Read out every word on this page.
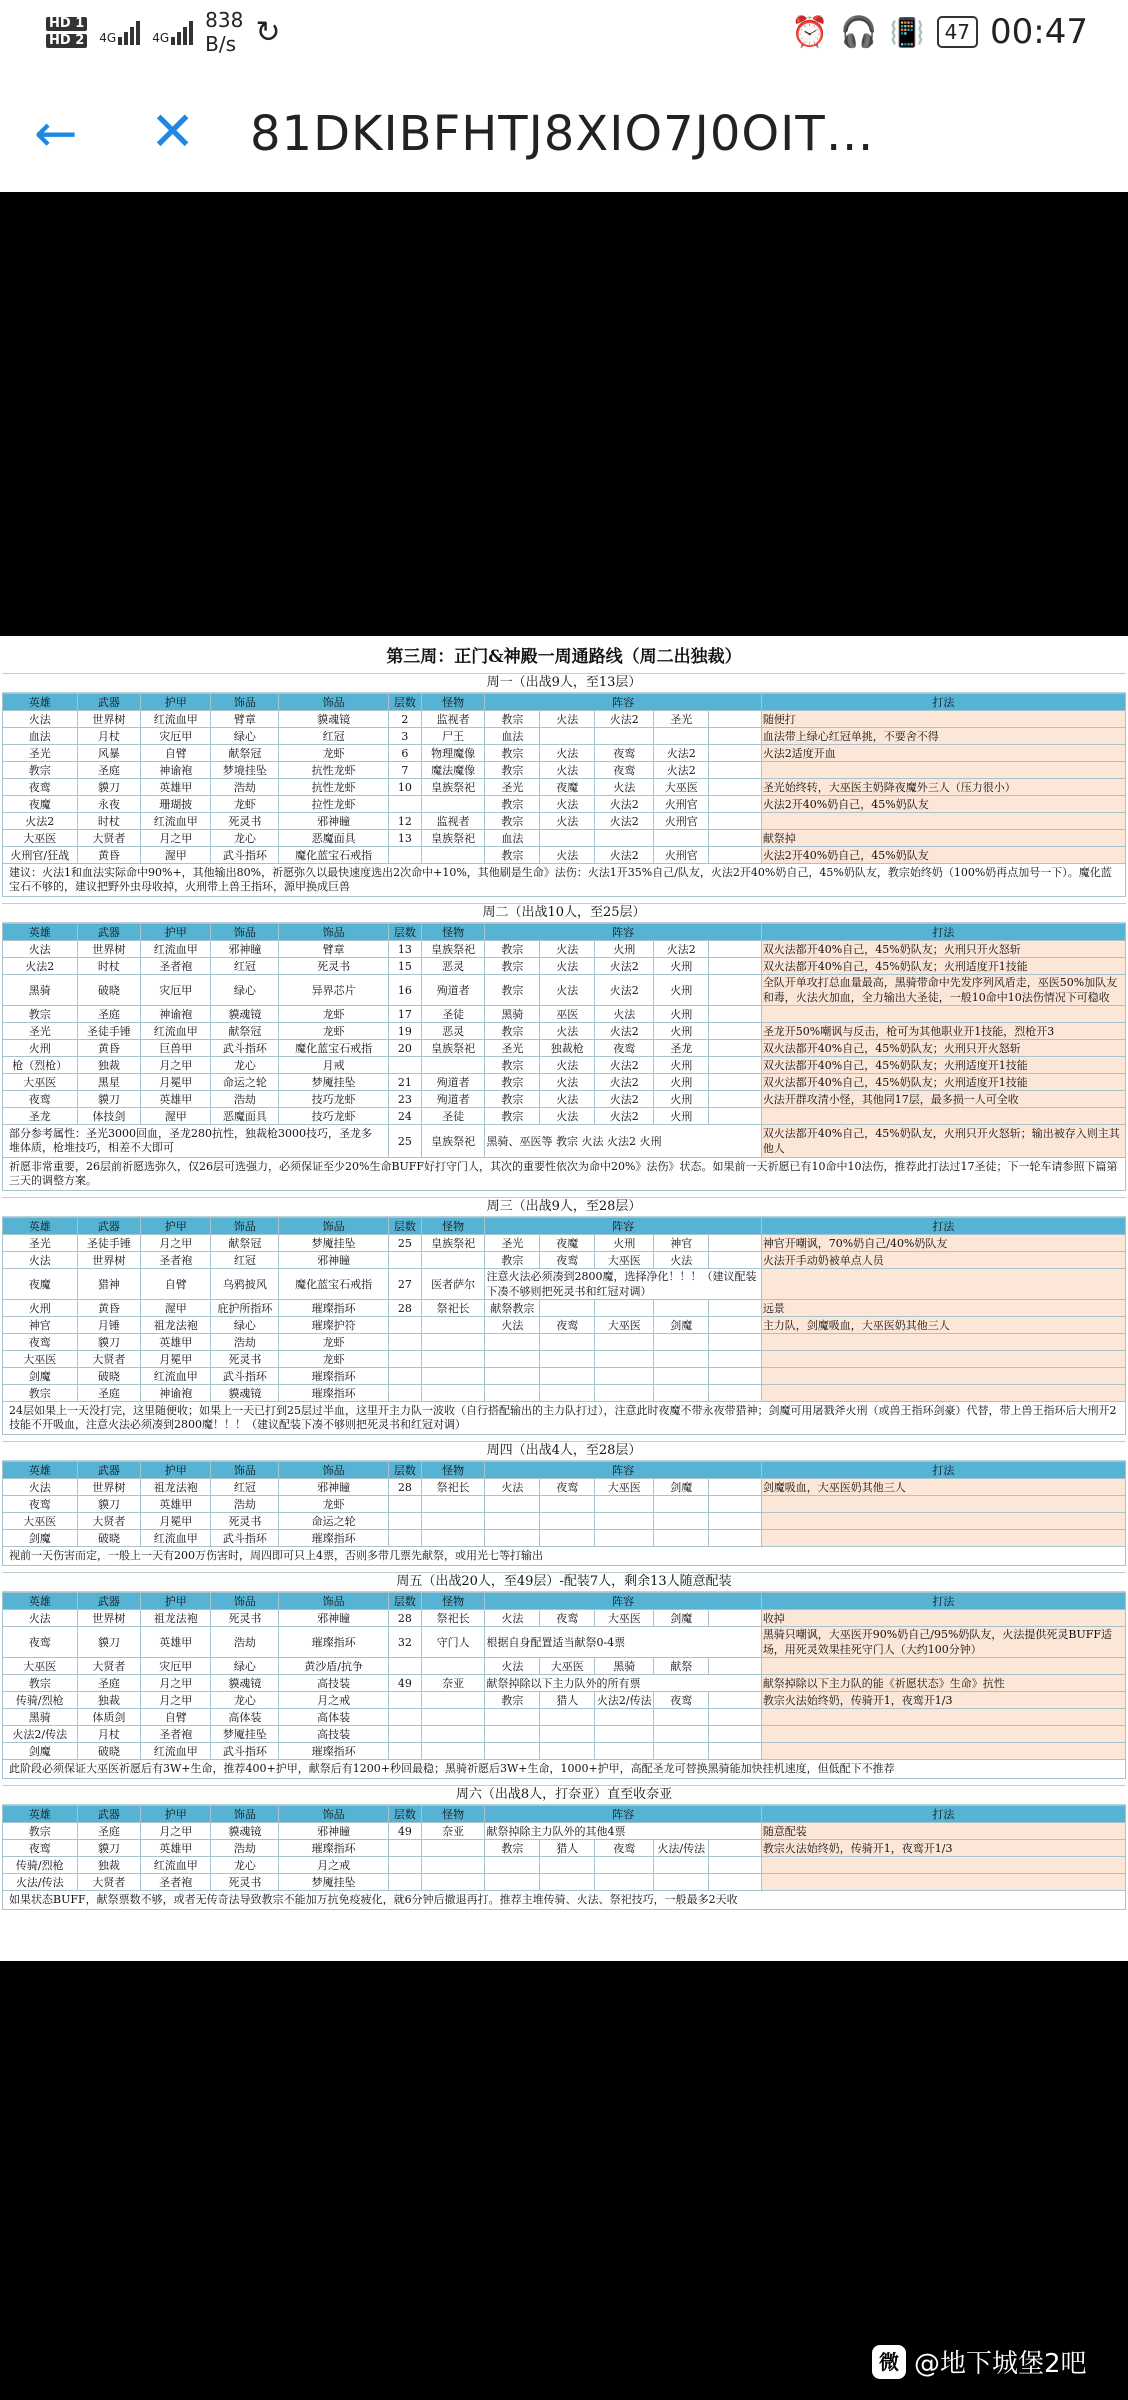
HD 1
HD 2 4G	4G
838
B/s ↻	⏰ 🎧 📳	47 00:47
← ✕ 81DKIBFHTJ8XIO7J0OIT…
第三周：正门&神殿一周通路线（周二出独裁）
周一（出战9人，至13层）
英雄	武器	护甲	饰品	饰品	层数	怪物	阵容					打法
火法	世界树	红流血甲	臂章	貘魂镜	2	监视者	教宗	火法	火法2	圣光		随便打
血法	月杖	灾厄甲	绿心	红冠	3	尸王	血法					血法带上绿心红冠单挑，不要舍不得
圣光	风暴	自臂	献祭冠	龙虾	6	物理魔像	教宗	火法	夜鸾	火法2		火法2适度开血
教宗	圣庭	神谕袍	梦境挂坠	抗性龙虾	7	魔法魔像	教宗	火法	夜鸾	火法2		
夜鸾	貘刀	英雄甲	浩劫	抗性龙虾	10	皇族祭祀	圣光	夜魔	火法	大巫医		圣光始终转，大巫医主奶降夜魔外三人（压力很小）
夜魔	永夜	珊瑚披	龙虾	拉性龙虾			教宗	火法	火法2	火刑官		火法2开40%奶自己，45%奶队友
火法2	时杖	红流血甲	死灵书	邪神瞳	12	监视者	教宗	火法	火法2	火刑官		
大巫医	大贤者	月之甲	龙心	恶魔面具	13	皇族祭祀	血法					献祭掉
火刑官/狂战	黄昏	渥甲	武斗指环	魔化蓝宝石戒指			教宗	火法	火法2	火刑官		火法2开40%奶自己，45%奶队友
建议：火法1和血法实际命中90%+，其他输出80%，祈愿弥久以最快速度选出2次命中+10%，其他刷是生命》法伤：火法1开35%自己/队友，火法2开40%奶自己，45%奶队友，教宗始终奶（100%奶再点加号一下）。魔化蓝宝石不够的，建议把野外虫母收掉，火刑带上兽王指环，源甲换成巨兽												
周二（出战10人，至25层）
英雄	武器	护甲	饰品	饰品	层数	怪物	阵容					打法
火法	世界树	红流血甲	邪神瞳	臂章	13	皇族祭祀	教宗	火法	火刑	火法2		双火法都开40%自己，45%奶队友；火刑只开火怒斩
火法2	时杖	圣者袍	红冠	死灵书	15	恶灵	教宗	火法	火法2	火刑		双火法都开40%自己，45%奶队友；火刑适度开1技能
黑骑	破晓	灾厄甲	绿心	异界芯片	16	殉道者	教宗	火法	火法2	火刑		全队开单攻打总血量最高，黑骑带命中先发序列风盾走，巫医50%加队友和毒，火法火加血，全力输出大圣徒，一般10命中10法伤情况下可稳收
教宗	圣庭	神谕袍	貘魂镜	龙虾	17	圣徒	黑骑	巫医	火法	火刑		
圣光	圣徒手锤	红流血甲	献祭冠	龙虾	19	恶灵	教宗	火法	火法2	火刑		圣龙开50%嘲讽与反击，枪可为其他职业开1技能，烈枪开3
火刑	黄昏	巨兽甲	武斗指环	魔化蓝宝石戒指	20	皇族祭祀	圣光	独裁枪	夜鸾	圣龙		双火法都开40%自己，45%奶队友；火刑只开火怒斩
枪（烈枪）	独裁	月之甲	龙心	月戒			教宗	火法	火法2	火刑		双火法都开40%自己，45%奶队友；火刑适度开1技能
大巫医	黑星	月冕甲	命运之轮	梦魇挂坠	21	殉道者	教宗	火法	火法2	火刑		双火法都开40%自己，45%奶队友；火刑适度开1技能
夜鸾	貘刀	英雄甲	浩劫	技巧龙虾	23	殉道者	教宗	火法	火法2	火刑		火法开群攻清小怪，其他同17层，最多损一人可全收
圣龙	体技剑	渥甲	恶魔面具	技巧龙虾	24	圣徒	教宗	火法	火法2	火刑		
部分参考属性：圣光3000回血，圣龙280抗性，独裁枪3000技巧，圣龙多堆体质，枪堆技巧，相差不大即可					25	皇族祭祀	黑骑、巫医等 教宗 火法 火法2 火刑					双火法都开40%自己，45%奶队友，火刑只开火怒斩；输出被存入则主其他人
祈愿非常重要，26层前祈愿选弥久，仅26层可选强力，必须保证至少20%生命BUFF好打守门人，其次的重要性依次为命中20%》法伤》状态。如果前一天祈愿已有10命中10法伤，推荐此打法过17圣徒；下一轮车请参照下篇第三天的调整方案。												
周三（出战9人，至28层）
英雄	武器	护甲	饰品	饰品	层数	怪物	阵容					打法
圣光	圣徒手锤	月之甲	献祭冠	梦魇挂坠	25	皇族祭祀	圣光	夜魔	火刑	神官		神官开嘲讽，70%奶自己/40%奶队友
火法	世界树	圣者袍	红冠	邪神瞳			教宗	夜鸾	大巫医	火法		火法开手动奶被单点人员
夜魔	猎神	自臂	乌鸦披风	魔化蓝宝石戒指	27	医者萨尔	注意火法必须凑到2800魔，选择净化！！！（建议配装下凑不够则把死灵书和红冠对调）					
火刑	黄昏	渥甲	庇护所指环	璀璨指环	28	祭祀长	献祭教宗					远景
神官	月锤	祖龙法袍	绿心	璀璨护符			火法	夜鸾	大巫医	剑魔		主力队，剑魔吸血，大巫医奶其他三人
夜鸾	貘刀	英雄甲	浩劫	龙虾								
大巫医	大贤者	月冕甲	死灵书	龙虾								
剑魔	破晓	红流血甲	武斗指环	璀璨指环								
教宗	圣庭	神谕袍	貘魂镜	璀璨指环								
24层如果上一天没打完，这里随便收；如果上一天已打到25层过半血，这里开主力队一波收（自行搭配输出的主力队打过），注意此时夜魔不带永夜带猎神；剑魔可用屠戮斧火刑（或兽王指环剑豪）代替，带上兽王指环后大刑开2技能不开吸血，注意火法必须凑到2800魔！！！（建议配装下凑不够则把死灵书和红冠对调）												
周四（出战4人，至28层）
英雄	武器	护甲	饰品	饰品	层数	怪物	阵容					打法
火法	世界树	祖龙法袍	红冠	邪神瞳	28	祭祀长	火法	夜鸾	大巫医	剑魔		剑魔吸血，大巫医奶其他三人
夜鸾	貘刀	英雄甲	浩劫	龙虾								
大巫医	大贤者	月冕甲	死灵书	命运之轮								
剑魔	破晓	红流血甲	武斗指环	璀璨指环								
视前一天伤害而定，一般上一天有200万伤害时，周四即可只上4票，否则多带几票先献祭，或用光七等打输出												
周五（出战20人，至49层）-配装7人，剩余13人随意配装
英雄	武器	护甲	饰品	饰品	层数	怪物	阵容					打法
火法	世界树	祖龙法袍	死灵书	邪神瞳	28	祭祀长	火法	夜鸾	大巫医	剑魔		收掉
夜鸾	貘刀	英雄甲	浩劫	璀璨指环	32	守门人	根据自身配置适当献祭0-4票					黑骑只嘲讽，大巫医开90%奶自己/95%奶队友，火法提供死灵BUFF适场，用死灵效果挂死守门人（大约100分钟）
大巫医	大贤者	灾厄甲	绿心	黄沙盾/抗争			火法	大巫医	黑骑	献祭		
教宗	圣庭	月之甲	貘魂镜	高技装	49	奈亚	献祭掉除以下主力队外的所有票					献祭掉除以下主力队的能《祈愿状态》生命》抗性
传骑/烈枪	独裁	月之甲	龙心	月之戒			教宗	猎人	火法2/传法	夜鸾		教宗火法始终奶，传骑开1，夜鸾开1/3
黑骑	体质剑	自臂	高体装	高体装								
火法2/传法	月杖	圣者袍	梦魇挂坠	高技装								
剑魔	破晓	红流血甲	武斗指环	璀璨指环								
此阶段必须保证大巫医祈愿后有3W+生命，推荐400+护甲，献祭后有1200+秒回最稳；黑骑祈愿后3W+生命，1000+护甲，高配圣龙可替换黑骑能加快挂机速度，但低配下不推荐												
周六（出战8人，打奈亚）直至收奈亚
英雄	武器	护甲	饰品	饰品	层数	怪物	阵容					打法
教宗	圣庭	月之甲	貘魂镜	邪神瞳	49	奈亚	献祭掉除主力队外的其他4票					随意配装
夜鸾	貘刀	英雄甲	浩劫	璀璨指环			教宗	猎人	夜鸾	火法/传法		教宗火法始终奶，传骑开1，夜鸾开1/3
传骑/烈枪	独裁	红流血甲	龙心	月之戒								
火法/传法	大贤者	圣者袍	死灵书	梦魇挂坠								
如果状态BUFF，献祭票数不够，或者无传奇法导致教宗不能加万抗免疫疲化，就6分钟后撤退再打。推荐主堆传骑、火法、祭祀技巧，一般最多2天收												
微 @地下城堡2吧
